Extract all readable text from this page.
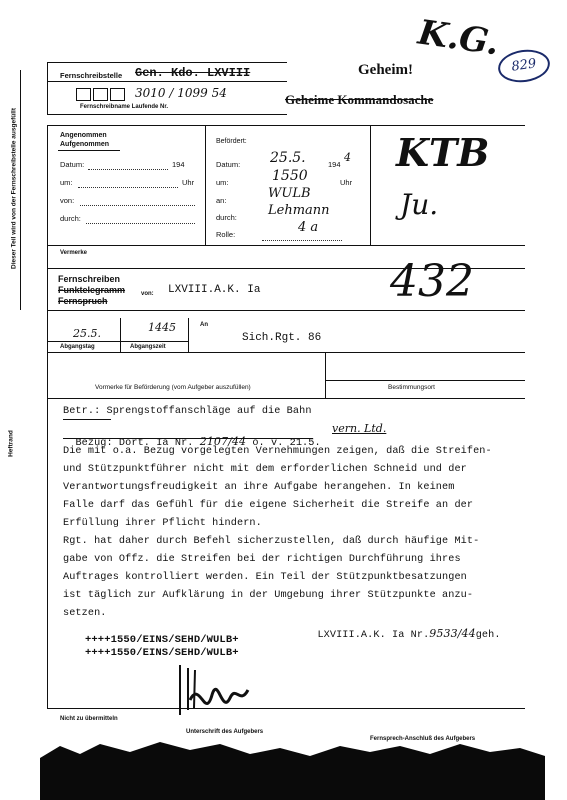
K.G.
829
Fernschreibstelle Gen. Kdo. LXVIII	Geheim!
3010 / 1099 54
Fernschreibname Laufende Nr.	Geheime Kommandosache
Dieser Teil wird von der Fernschreibstelle ausgefüllt	Angenommen
Aufgenommen
Datum:	194
um:	Uhr
von:
durch:
Befördert:
Datum: 25.5.	194
4
um:	1550	Uhr
an:	WULB
durch: Lehmann
Rolle:	4 a
KTB
Ju.
Vermerke
Fernschreiben
Funktelegramm
Fernspruch
von: LXVIII.A.K. Ia	432
25.5.	1445
Abgangstag	Abgangszeit
An
Sich.Rgt. 86
Vormerke für Beförderung (vom Aufgeber auszufüllen)	Bestimmungsort
Heftrand
Betr.: Sprengstoffanschläge auf die Bahn

Bezug: Dort. Ia Nr. 2107/44 o. v. 21.5.

vern. Ltd.
Die mit o.a. Bezug vorgelegten Vernehmungen zeigen, daß die Streifen-
und Stützpunktführer nicht mit dem erforderlichen Schneid und der
Verantwortungsfreudigkeit an ihre Aufgabe herangehen. In keinem
Falle darf das Gefühl für die eigene Sicherheit die Streife an der
Erfüllung ihrer Pflicht hindern.
Rgt. hat daher durch Befehl sicherzustellen, daß durch häufige Mit-
gabe von Offz. die Streifen bei der richtigen Durchführung ihres
Auftrages kontrolliert werden. Ein Teil der Stützpunktbesatzungen
ist täglich zur Aufklärung in der Umgebung ihrer Stützpunkte anzu-
setzen.

LXVIII.A.K. Ia Nr.9533/44geh.

++++1550/EINS/SEHD/WULB+
++++1550/EINS/SEHD/WULB+
Nicht zu übermitteln
Unterschrift des Aufgebers
Fernsprech-Anschluß des Aufgebers
